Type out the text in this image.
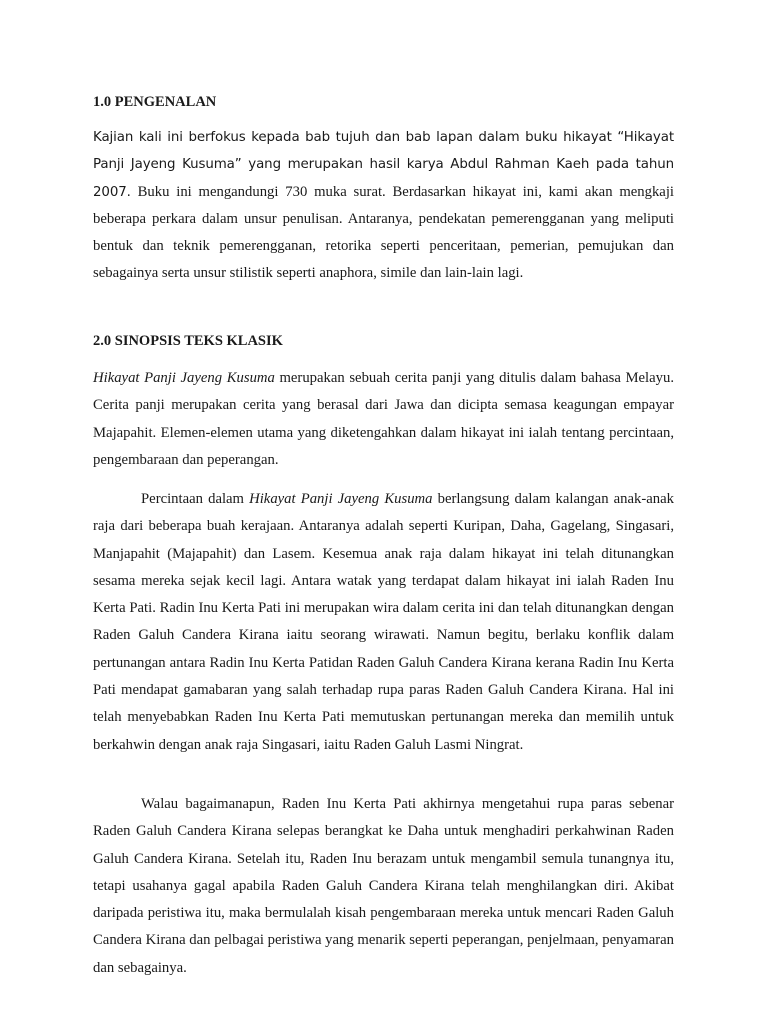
1.0 PENGENALAN
Kajian kali ini berfokus kepada bab tujuh dan bab lapan dalam buku hikayat “Hikayat Panji Jayeng Kusuma” yang merupakan hasil karya Abdul Rahman Kaeh pada tahun 2007. Buku ini mengandungi 730 muka surat. Berdasarkan hikayat ini, kami akan mengkaji beberapa perkara dalam unsur penulisan. Antaranya, pendekatan pemerengganan yang meliputi bentuk dan teknik pemerengganan, retorika seperti penceritaan, pemerian, pemujukan dan sebagainya serta unsur stilistik seperti anaphora, simile dan lain-lain lagi.
2.0 SINOPSIS TEKS KLASIK
Hikayat Panji Jayeng Kusuma merupakan sebuah cerita panji yang ditulis dalam bahasa Melayu. Cerita panji merupakan cerita yang berasal dari Jawa dan dicipta semasa keagungan empayar Majapahit. Elemen-elemen utama yang diketengahkan dalam hikayat ini ialah tentang percintaan, pengembaraan dan peperangan.
Percintaan dalam Hikayat Panji Jayeng Kusuma berlangsung dalam kalangan anak-anak raja dari beberapa buah kerajaan. Antaranya adalah seperti Kuripan, Daha, Gagelang, Singasari, Manjapahit (Majapahit) dan Lasem. Kesemua anak raja dalam hikayat ini telah ditunangkan sesama mereka sejak kecil lagi. Antara watak yang terdapat dalam hikayat ini ialah Raden Inu Kerta Pati. Radin Inu Kerta Pati ini merupakan wira dalam cerita ini dan telah ditunangkan dengan Raden Galuh Candera Kirana iaitu seorang wirawati. Namun begitu, berlaku konflik dalam pertunangan antara Radin Inu Kerta Patidan Raden Galuh Candera Kirana kerana Radin Inu Kerta Pati mendapat gamabaran yang salah terhadap rupa paras Raden Galuh Candera Kirana. Hal ini telah menyebabkan Raden Inu Kerta Pati memutuskan pertunangan mereka dan memilih untuk berkahwin dengan anak raja Singasari, iaitu Raden Galuh Lasmi Ningrat.
Walau bagaimanapun, Raden Inu Kerta Pati akhirnya mengetahui rupa paras sebenar Raden Galuh Candera Kirana selepas berangkat ke Daha untuk menghadiri perkahwinan Raden Galuh Candera Kirana. Setelah itu, Raden Inu berazam untuk mengambil semula tunangnya itu, tetapi usahanya gagal apabila Raden Galuh Candera Kirana telah menghilangkan diri. Akibat daripada peristiwa itu, maka bermulalah kisah pengembaraan mereka untuk mencari Raden Galuh Candera Kirana dan pelbagai peristiwa yang menarik seperti peperangan, penjelmaan, penyamaran dan sebagainya.
